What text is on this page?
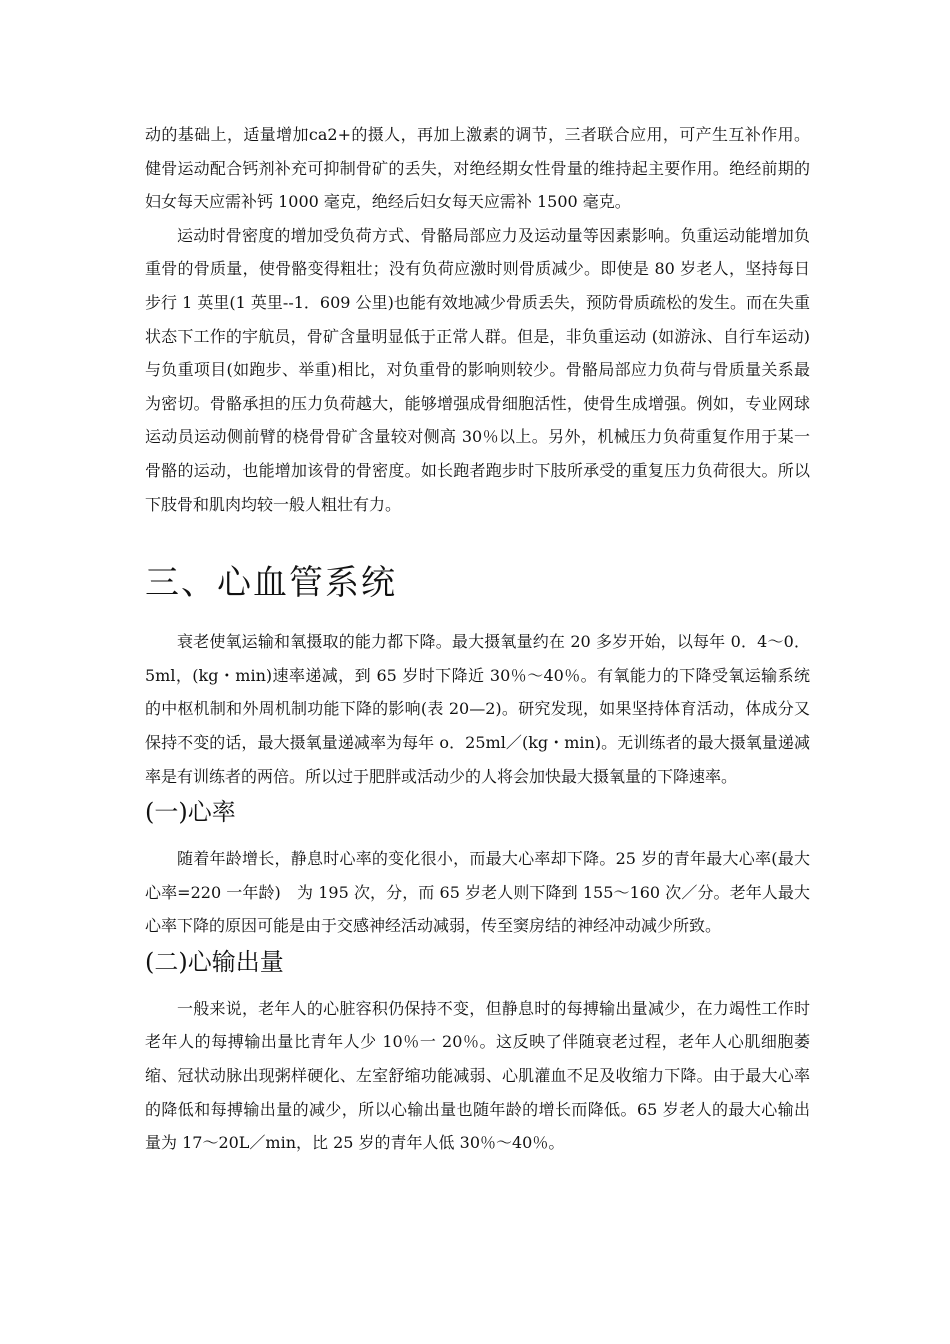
动的基础上，适量增加ca2+的摄人，再加上激素的调节，三者联合应用，可产生互补作用。健骨运动配合钙剂补充可抑制骨矿的丢失，对绝经期女性骨量的维持起主要作用。绝经前期的妇女每天应需补钙 1000 毫克，绝经后妇女每天应需补 1500 毫克。

运动时骨密度的增加受负荷方式、骨骼局部应力及运动量等因素影响。负重运动能增加负重骨的骨质量，使骨骼变得粗壮；没有负荷应激时则骨质减少。即使是 80 岁老人，坚持每日步行 1 英里(1 英里--1．609 公里)也能有效地减少骨质丢失，预防骨质疏松的发生。而在失重状态下工作的宇航员，骨矿含量明显低于正常人群。但是，非负重运动 (如游泳、自行车运动)与负重项目(如跑步、举重)相比，对负重骨的影响则较少。骨骼局部应力负荷与骨质量关系最为密切。骨骼承担的压力负荷越大，能够增强成骨细胞活性，使骨生成增强。例如，专业网球运动员运动侧前臂的桡骨骨矿含量较对侧高 30％以上。另外，机械压力负荷重复作用于某一骨骼的运动，也能增加该骨的骨密度。如长跑者跑步时下肢所承受的重复压力负荷很大。所以下肢骨和肌肉均较一般人粗壮有力。

三、心血管系统

衰老使氧运输和氧摄取的能力都下降。最大摄氧量约在 20 多岁开始，以每年 0．4～0．5ml，(kg・min)速率递减，到 65 岁时下降近 30％～40％。有氧能力的下降受氧运输系统的中枢机制和外周机制功能下降的影响(表 20—2)。研究发现，如果坚持体育活动，体成分又保持不变的话，最大摄氧量递减率为每年 o．25ml／(kg・min)。无训练者的最大摄氧量递减率是有训练者的两倍。所以过于肥胖或活动少的人将会加快最大摄氧量的下降速率。

(一)心率

随着年龄增长，静息时心率的变化很小，而最大心率却下降。25 岁的青年最大心率(最大心率=220 一年龄)　为 195 次，分，而 65 岁老人则下降到 155～160 次／分。老年人最大心率下降的原因可能是由于交感神经活动减弱，传至窦房结的神经冲动减少所致。

(二)心输出量

一般来说，老年人的心脏容积仍保持不变，但静息时的每搏输出量减少，在力竭性工作时老年人的每搏输出量比青年人少 10％一 20％。这反映了伴随衰老过程，老年人心肌细胞萎缩、冠状动脉出现粥样硬化、左室舒缩功能减弱、心肌灌血不足及收缩力下降。由于最大心率的降低和每搏输出量的减少，所以心输出量也随年龄的增长而降低。65 岁老人的最大心输出量为 17～20L／min，比 25 岁的青年人低 30％～40％。
